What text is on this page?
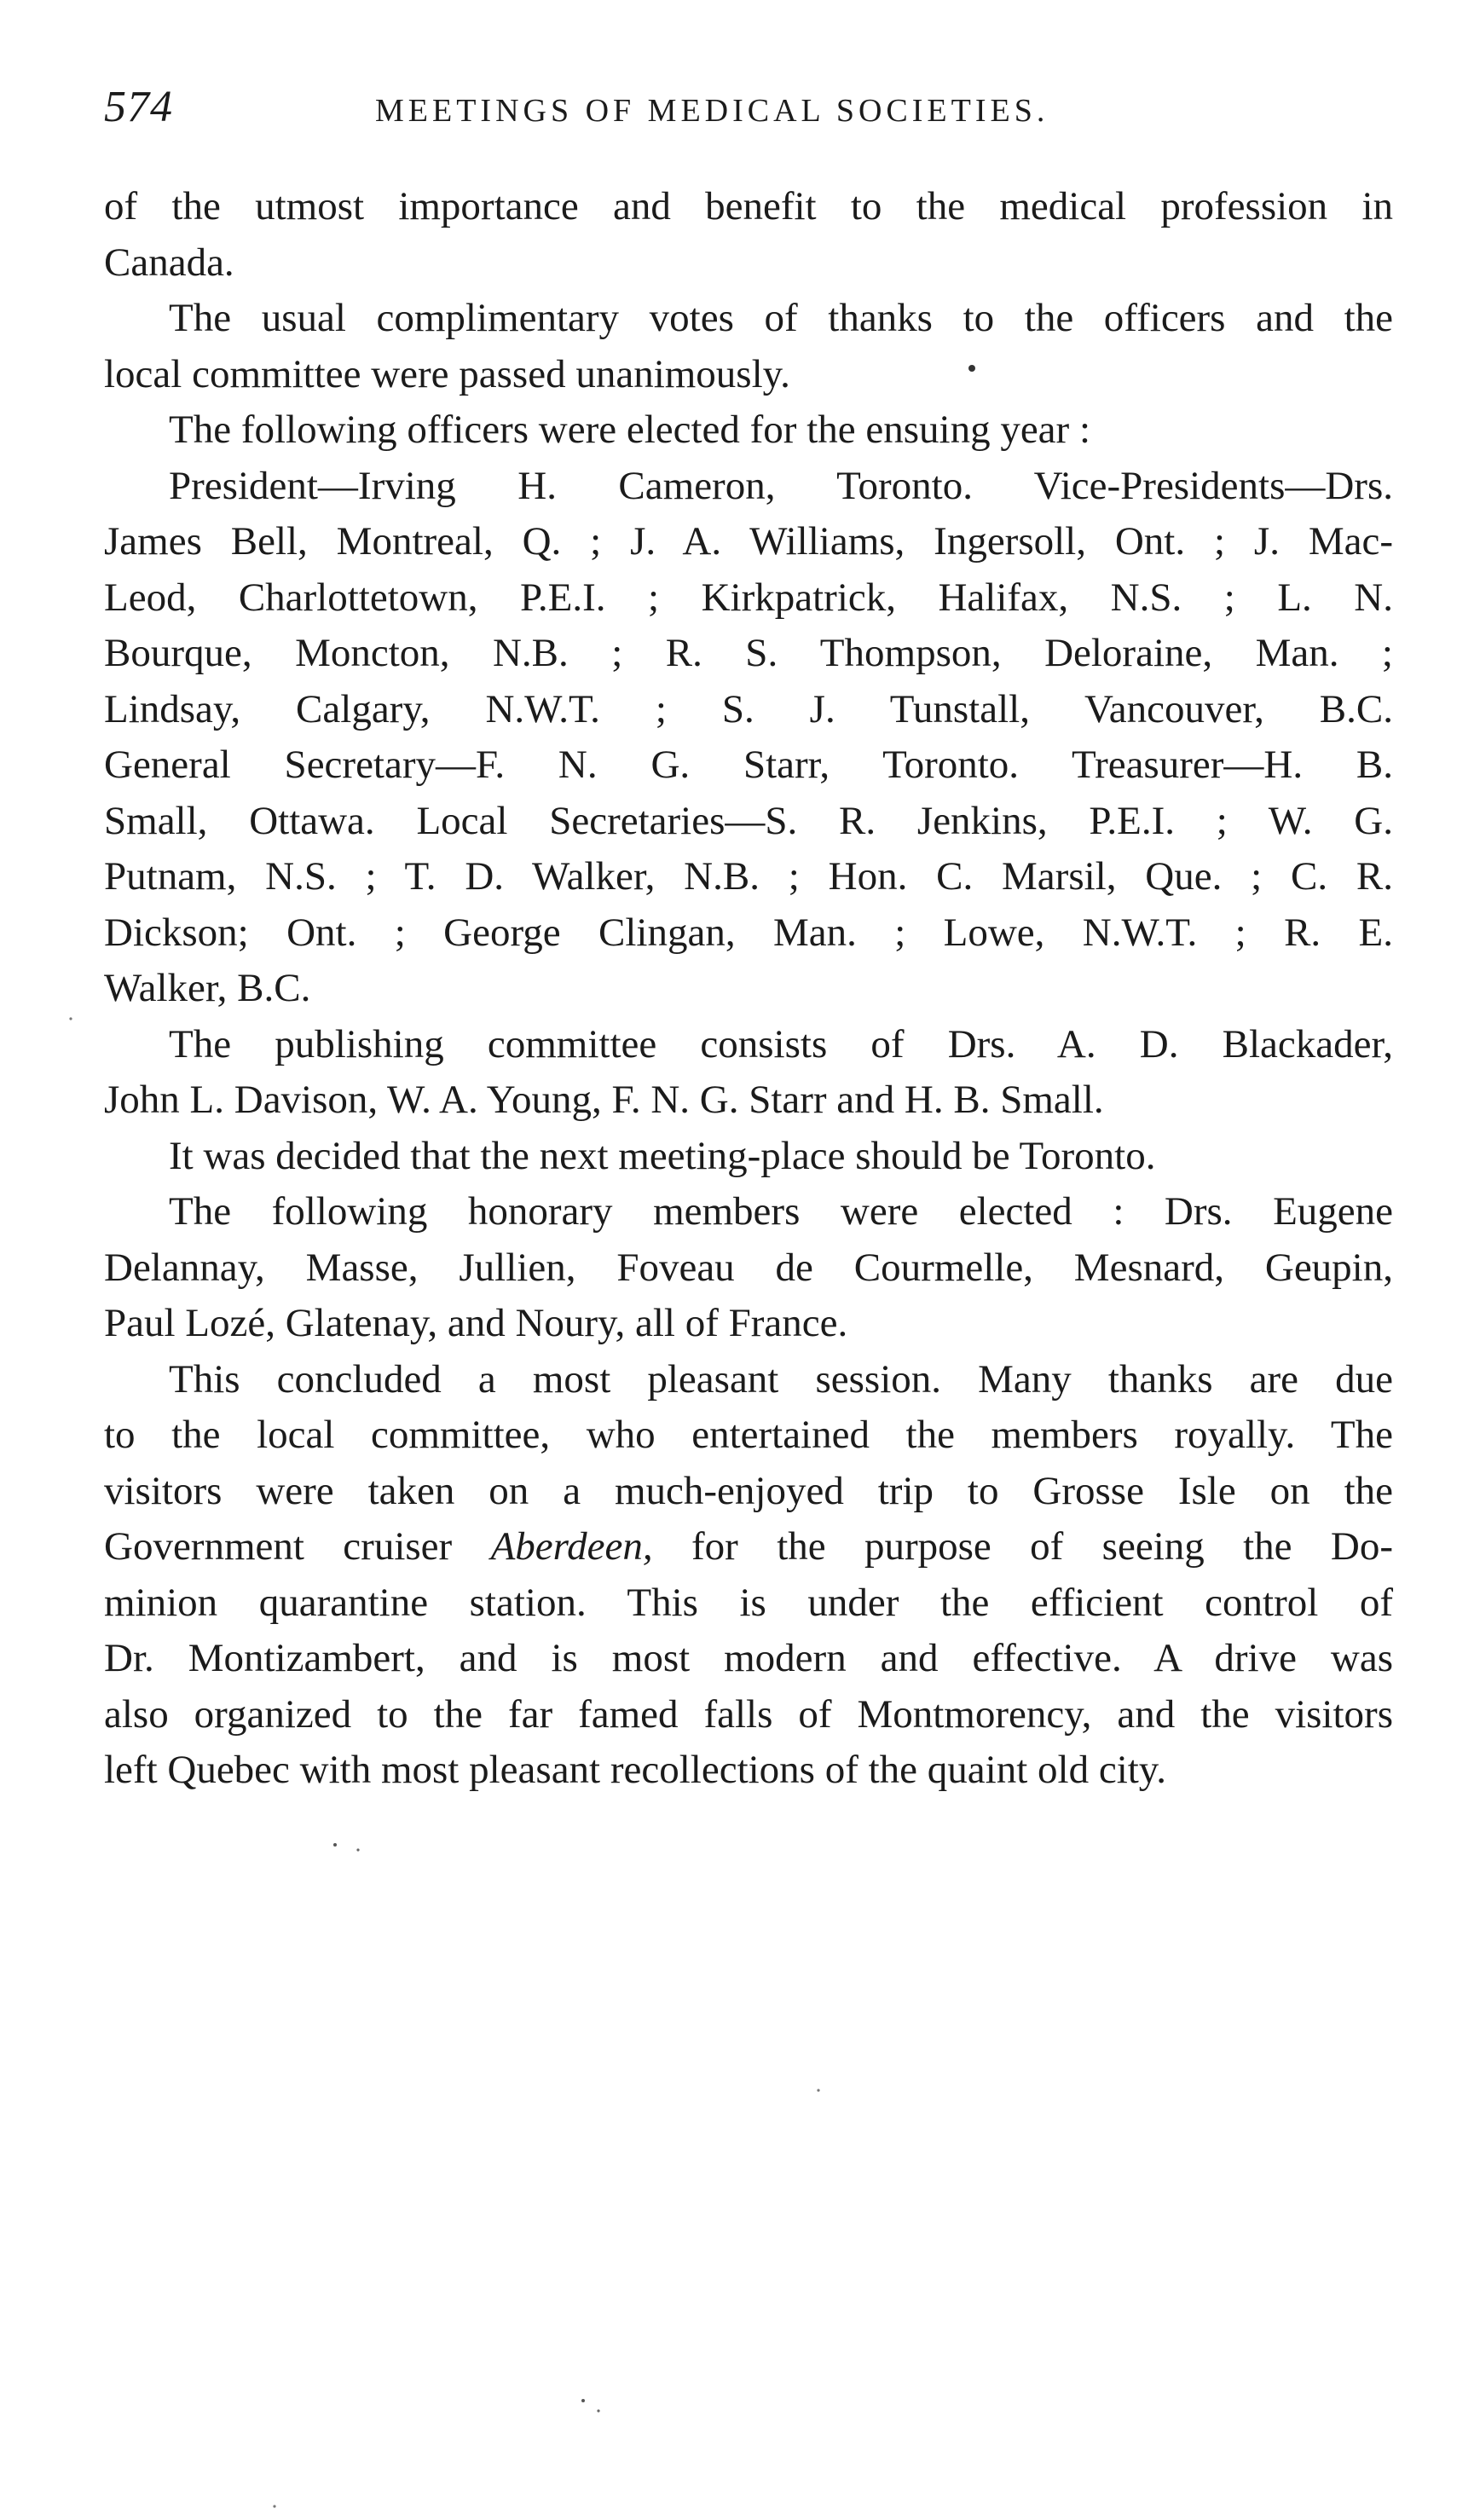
574	MEETINGS OF MEDICAL SOCIETIES.
of the utmost importance and benefit to the medical profession in
Canada.
The usual complimentary votes of thanks to the officers and the
local committee were passed unanimously.
The following officers were elected for the ensuing year :
President—Irving H. Cameron, Toronto. Vice-Presidents—Drs.
James Bell, Montreal, Q. ; J. A. Williams, Ingersoll, Ont. ; J. Mac-
Leod, Charlottetown, P.E.I. ; Kirkpatrick, Halifax, N.S. ; L. N.
Bourque, Moncton, N.B. ; R. S. Thompson, Deloraine, Man. ;
Lindsay, Calgary, N.W.T. ; S. J. Tunstall, Vancouver, B.C.
General Secretary—F. N. G. Starr, Toronto. Treasurer—H. B.
Small, Ottawa. Local Secretaries—S. R. Jenkins, P.E.I. ; W. G.
Putnam, N.S. ; T. D. Walker, N.B. ; Hon. C. Marsil, Que. ; C. R.
Dickson; Ont. ; George Clingan, Man. ; Lowe, N.W.T. ; R. E.
Walker, B.C.
The publishing committee consists of Drs. A. D. Blackader,
John L. Davison, W. A. Young, F. N. G. Starr and H. B. Small.
It was decided that the next meeting-place should be Toronto.
The following honorary members were elected : Drs. Eugene
Delannay, Masse, Jullien, Foveau de Courmelle, Mesnard, Geupin,
Paul Lozé, Glatenay, and Noury, all of France.
This concluded a most pleasant session. Many thanks are due
to the local committee, who entertained the members royally. The
visitors were taken on a much-enjoyed trip to Grosse Isle on the
Government cruiser Aberdeen, for the purpose of seeing the Do-
minion quarantine station. This is under the efficient control of
Dr. Montizambert, and is most modern and effective. A drive was
also organized to the far famed falls of Montmorency, and the visitors
left Quebec with most pleasant recollections of the quaint old city.
